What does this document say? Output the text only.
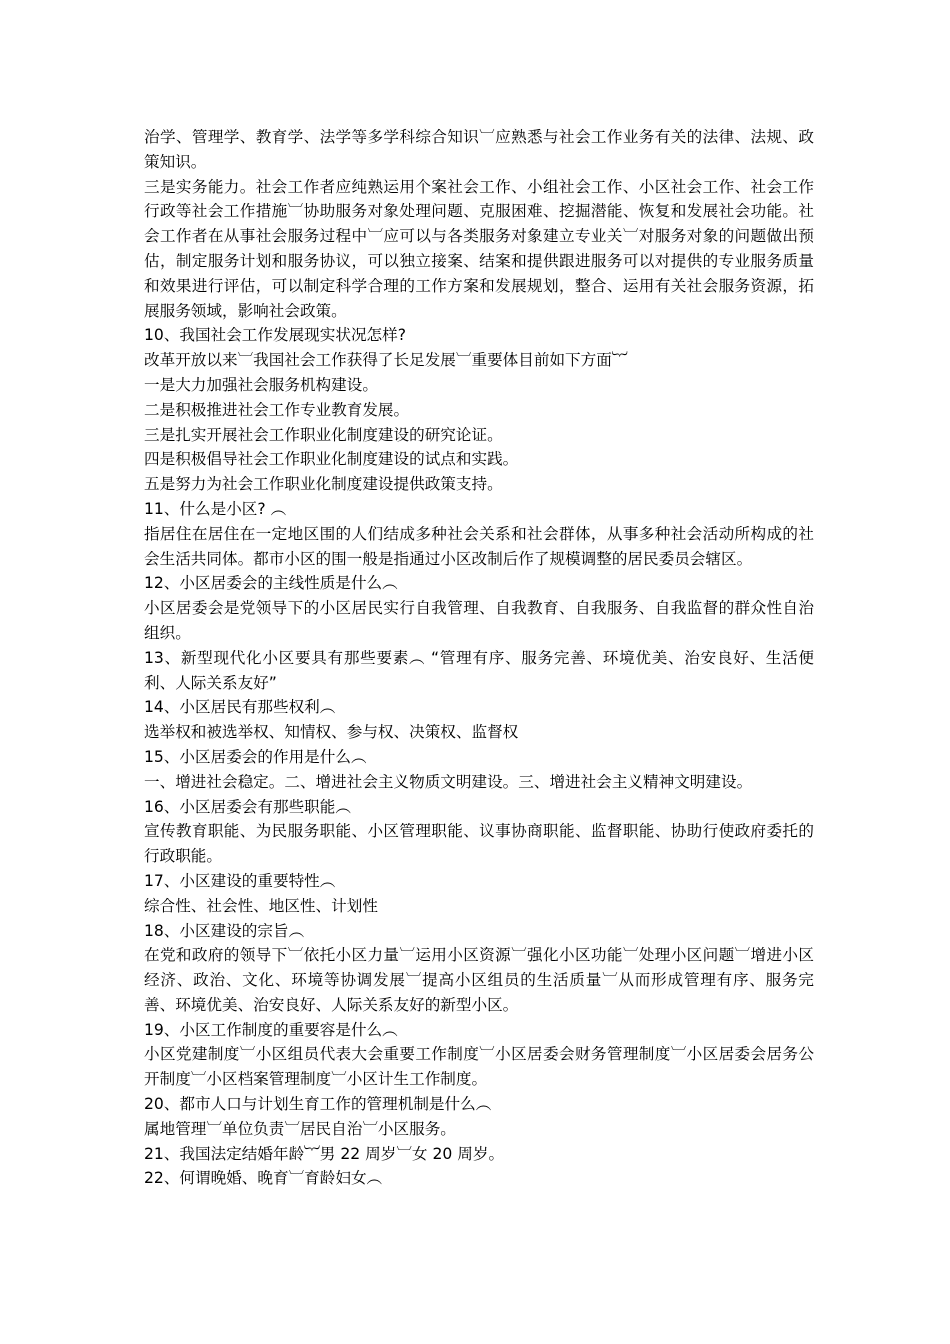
治学、管理学、教育学、法学等多学科综合知识︺应熟悉与社会工作业务有关的法律、法规、政策知识。

三是实务能力。社会工作者应纯熟运用个案社会工作、小组社会工作、小区社会工作、社会工作行政等社会工作措施︺协助服务对象处理问题、克服困难、挖掘潜能、恢复和发展社会功能。社会工作者在从事社会服务过程中︺应可以与各类服务对象建立专业关︺对服务对象的问题做出预估，制定服务计划和服务协议，可以独立接案、结案和提供跟进服务可以对提供的专业服务质量和效果进行评估，可以制定科学合理的工作方案和发展规划，整合、运用有关社会服务资源，拓展服务领域，影响社会政策。

10、我国社会工作发展现实状况怎样?

改革开放以来︺我国社会工作获得了长足发展︺重要体目前如下方面︸

一是大力加强社会服务机构建设。

二是积极推进社会工作专业教育发展。

三是扎实开展社会工作职业化制度建设的研究论证。

四是积极倡导社会工作职业化制度建设的试点和实践。

五是努力为社会工作职业化制度建设提供政策支持。

11、什么是小区? ︵

指居住在居住在一定地区围的人们结成多种社会关系和社会群体，从事多种社会活动所构成的社会生活共同体。都市小区的围一般是指通过小区改制后作了规模调整的居民委员会辖区。

12、小区居委会的主线性质是什么︵

小区居委会是党领导下的小区居民实行自我管理、自我教育、自我服务、自我监督的群众性自治组织。

13、新型现代化小区要具有那些要素︵ “管理有序、服务完善、环境优美、治安良好、生活便利、人际关系友好”

14、小区居民有那些权利︵

选举权和被选举权、知情权、参与权、决策权、监督权

15、小区居委会的作用是什么︵

一、增进社会稳定。二、增进社会主义物质文明建设。三、增进社会主义精神文明建设。

16、小区居委会有那些职能︵

宣传教育职能、为民服务职能、小区管理职能、议事协商职能、监督职能、协助行使政府委托的行政职能。

17、小区建设的重要特性︵

综合性、社会性、地区性、计划性

18、小区建设的宗旨︵

在党和政府的领导下︺依托小区力量︺运用小区资源︺强化小区功能︺处理小区问题︺增进小区经济、政治、文化、环境等协调发展︺提高小区组员的生活质量︺从而形成管理有序、服务完善、环境优美、治安良好、人际关系友好的新型小区。

19、小区工作制度的重要容是什么︵

小区党建制度︺小区组员代表大会重要工作制度︺小区居委会财务管理制度︺小区居委会居务公开制度︺小区档案管理制度︺小区计生工作制度。

20、都市人口与计划生育工作的管理机制是什么︵

属地管理︺单位负责︺居民自治︺小区服务。

21、我国法定结婚年龄︸男 22 周岁︺女 20 周岁。

22、何谓晚婚、晚育︺育龄妇女︵
